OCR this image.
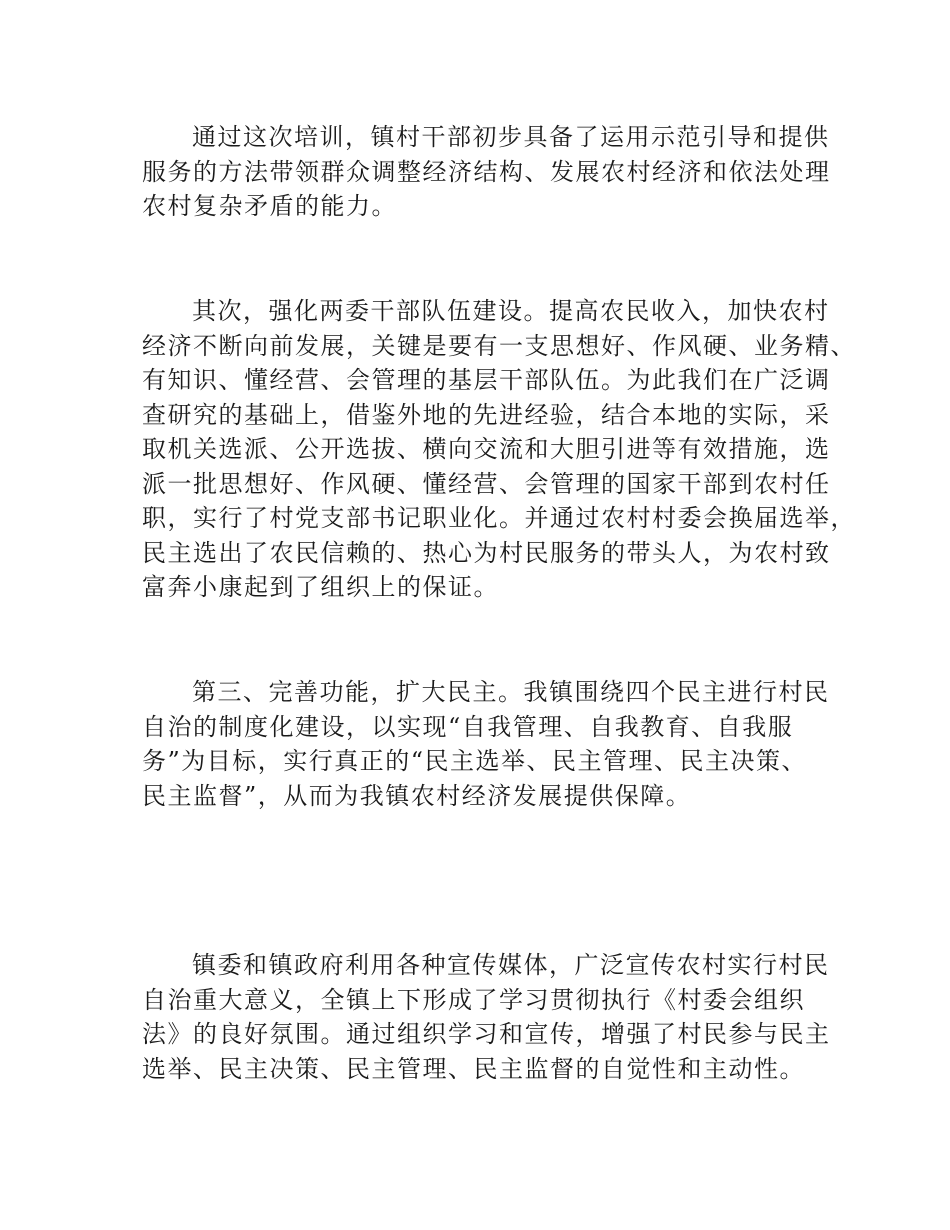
通过这次培训，镇村干部初步具备了运用示范引导和提供
服务的方法带领群众调整经济结构、发展农村经济和依法处理
农村复杂矛盾的能力。

其次，强化两委干部队伍建设。提高农民收入，加快农村
经济不断向前发展，关键是要有一支思想好、作风硬、业务精、
有知识、懂经营、会管理的基层干部队伍。为此我们在广泛调
查研究的基础上，借鉴外地的先进经验，结合本地的实际，采
取机关选派、公开选拔、横向交流和大胆引进等有效措施，选
派一批思想好、作风硬、懂经营、会管理的国家干部到农村任
职，实行了村党支部书记职业化。并通过农村村委会换届选举，
民主选出了农民信赖的、热心为村民服务的带头人，为农村致
富奔小康起到了组织上的保证。

第三、完善功能，扩大民主。我镇围绕四个民主进行村民
自治的制度化建设，以实现“自我管理、自我教育、自我服
务”为目标，实行真正的“民主选举、民主管理、民主决策、
民主监督”，从而为我镇农村经济发展提供保障。

镇委和镇政府利用各种宣传媒体，广泛宣传农村实行村民
自治重大意义，全镇上下形成了学习贯彻执行《村委会组织
法》的良好氛围。通过组织学习和宣传，增强了村民参与民主
选举、民主决策、民主管理、民主监督的自觉性和主动性。
